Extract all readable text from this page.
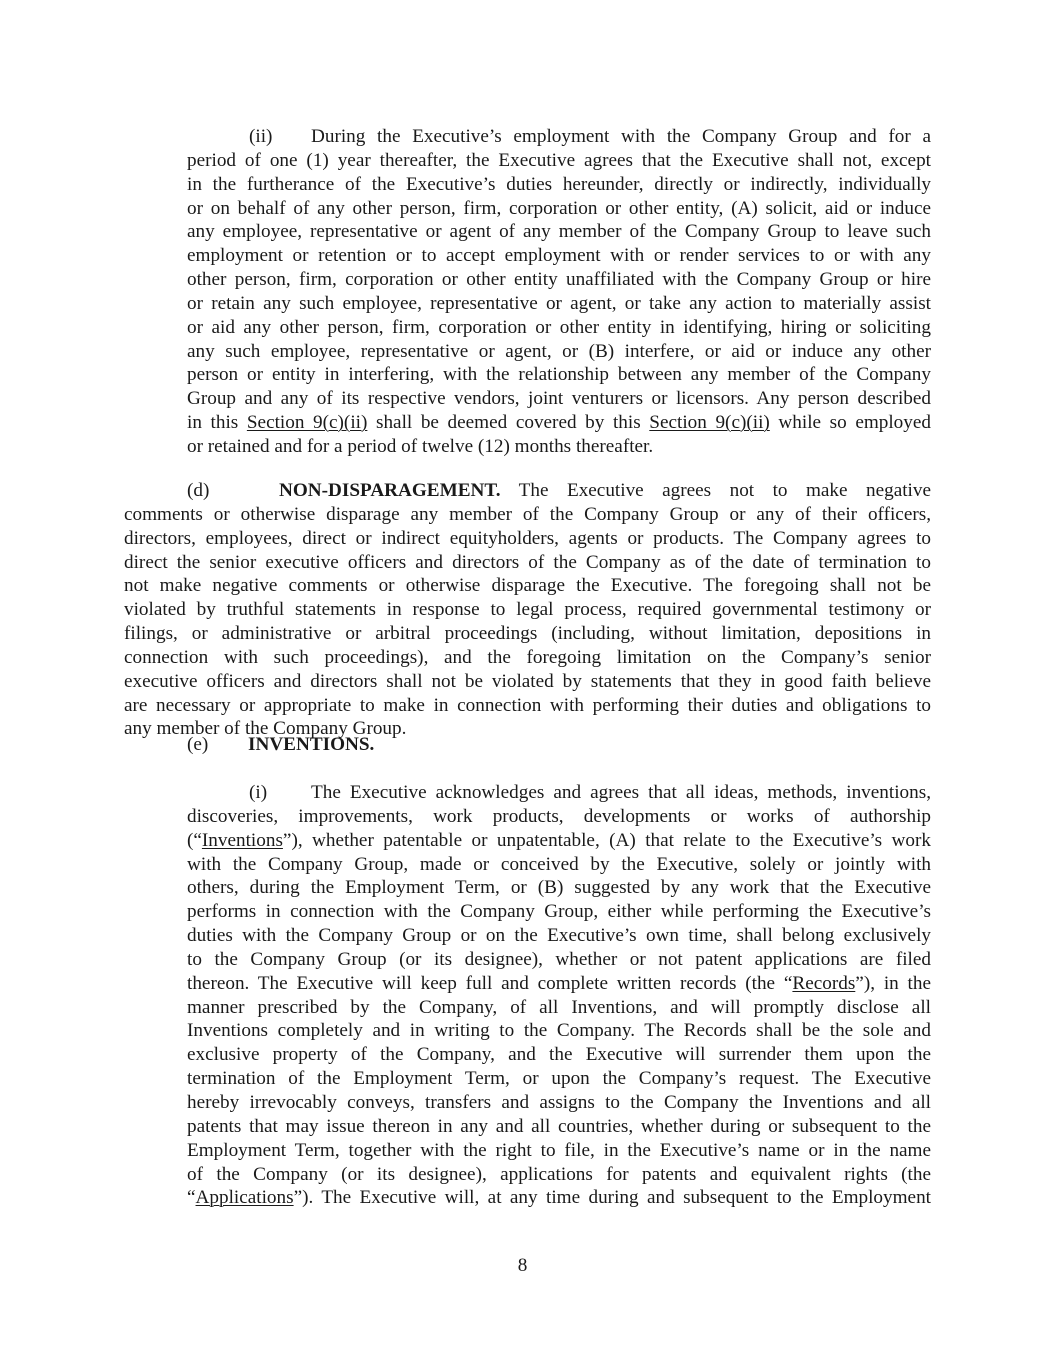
(ii) During the Executive’s employment with the Company Group and for a
period of one (1) year thereafter, the Executive agrees that the Executive shall not, except
in the furtherance of the Executive’s duties hereunder, directly or indirectly, individually
or on behalf of any other person, firm, corporation or other entity, (A) solicit, aid or induce
any employee, representative or agent of any member of the Company Group to leave such
employment or retention or to accept employment with or render services to or with any
other person, firm, corporation or other entity unaffiliated with the Company Group or hire
or retain any such employee, representative or agent, or take any action to materially assist
or aid any other person, firm, corporation or other entity in identifying, hiring or soliciting
any such employee, representative or agent, or (B) interfere, or aid or induce any other
person or entity in interfering, with the relationship between any member of the Company
Group and any of its respective vendors, joint venturers or licensors. Any person described
in this Section 9(c)(ii) shall be deemed covered by this Section 9(c)(ii) while so employed
or retained and for a period of twelve (12) months thereafter.
(d)	NON-DISPARAGEMENT. The Executive agrees not to make negative
comments or otherwise disparage any member of the Company Group or any of their officers,
directors, employees, direct or indirect equityholders, agents or products. The Company agrees to
direct the senior executive officers and directors of the Company as of the date of termination to
not make negative comments or otherwise disparage the Executive. The foregoing shall not be
violated by truthful statements in response to legal process, required governmental testimony or
filings, or administrative or arbitral proceedings (including, without limitation, depositions in
connection with such proceedings), and the foregoing limitation on the Company’s senior
executive officers and directors shall not be violated by statements that they in good faith believe
are necessary or appropriate to make in connection with performing their duties and obligations to
any member of the Company Group.
(e) INVENTIONS.
(i) The Executive acknowledges and agrees that all ideas, methods, inventions,
discoveries, improvements, work products, developments or works of authorship
(“Inventions”), whether patentable or unpatentable, (A) that relate to the Executive’s work
with the Company Group, made or conceived by the Executive, solely or jointly with
others, during the Employment Term, or (B) suggested by any work that the Executive
performs in connection with the Company Group, either while performing the Executive’s
duties with the Company Group or on the Executive’s own time, shall belong exclusively
to the Company Group (or its designee), whether or not patent applications are filed
thereon. The Executive will keep full and complete written records (the “Records”), in the
manner prescribed by the Company, of all Inventions, and will promptly disclose all
Inventions completely and in writing to the Company. The Records shall be the sole and
exclusive property of the Company, and the Executive will surrender them upon the
termination of the Employment Term, or upon the Company’s request. The Executive
hereby irrevocably conveys, transfers and assigns to the Company the Inventions and all
patents that may issue thereon in any and all countries, whether during or subsequent to the
Employment Term, together with the right to file, in the Executive’s name or in the name
of the Company (or its designee), applications for patents and equivalent rights (the
“Applications”). The Executive will, at any time during and subsequent to the Employment
8
